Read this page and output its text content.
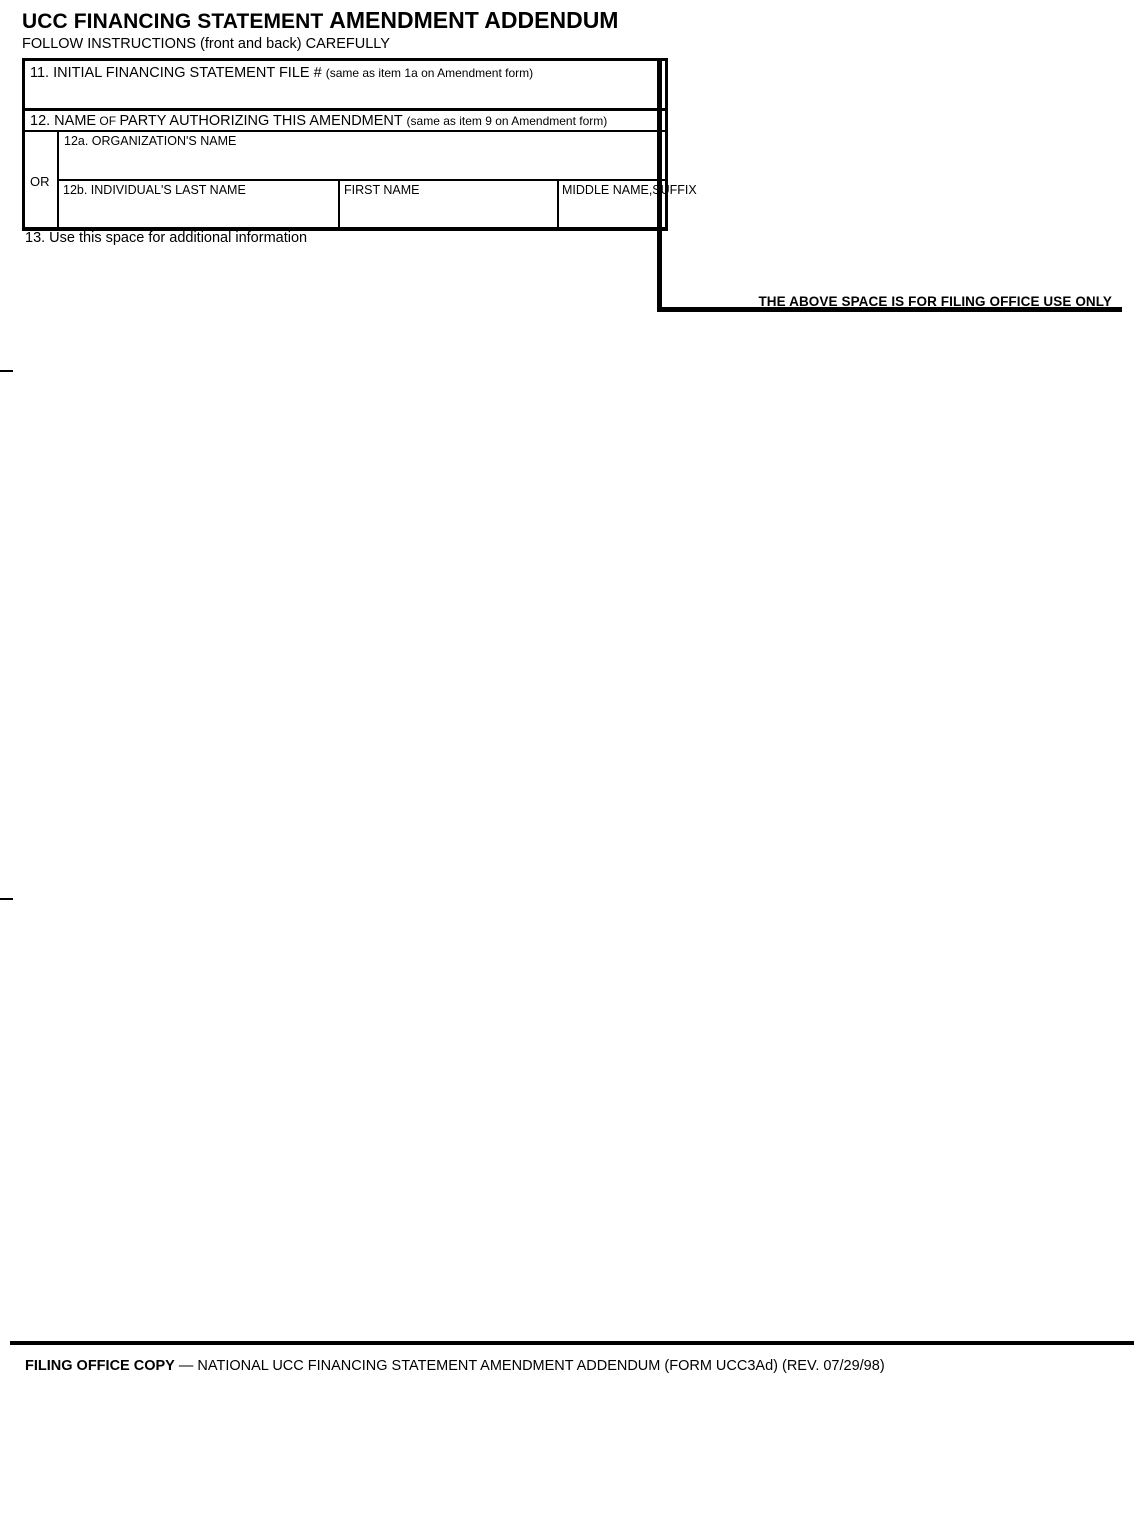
UCC FINANCING STATEMENT AMENDMENT ADDENDUM
FOLLOW INSTRUCTIONS (front and back) CAREFULLY
11. INITIAL FINANCING STATEMENT FILE # (same as item 1a on Amendment form)
12. NAME OF PARTY AUTHORIZING THIS AMENDMENT (same as item 9 on Amendment form)
OR
12a. ORGANIZATION'S NAME
12b. INDIVIDUAL'S LAST NAME	FIRST NAME	MIDDLE NAME,SUFFIX
13. Use this space for additional information
THE ABOVE SPACE IS FOR FILING OFFICE USE ONLY
FILING OFFICE COPY — NATIONAL UCC FINANCING STATEMENT AMENDMENT ADDENDUM (FORM UCC3Ad) (REV. 07/29/98)
